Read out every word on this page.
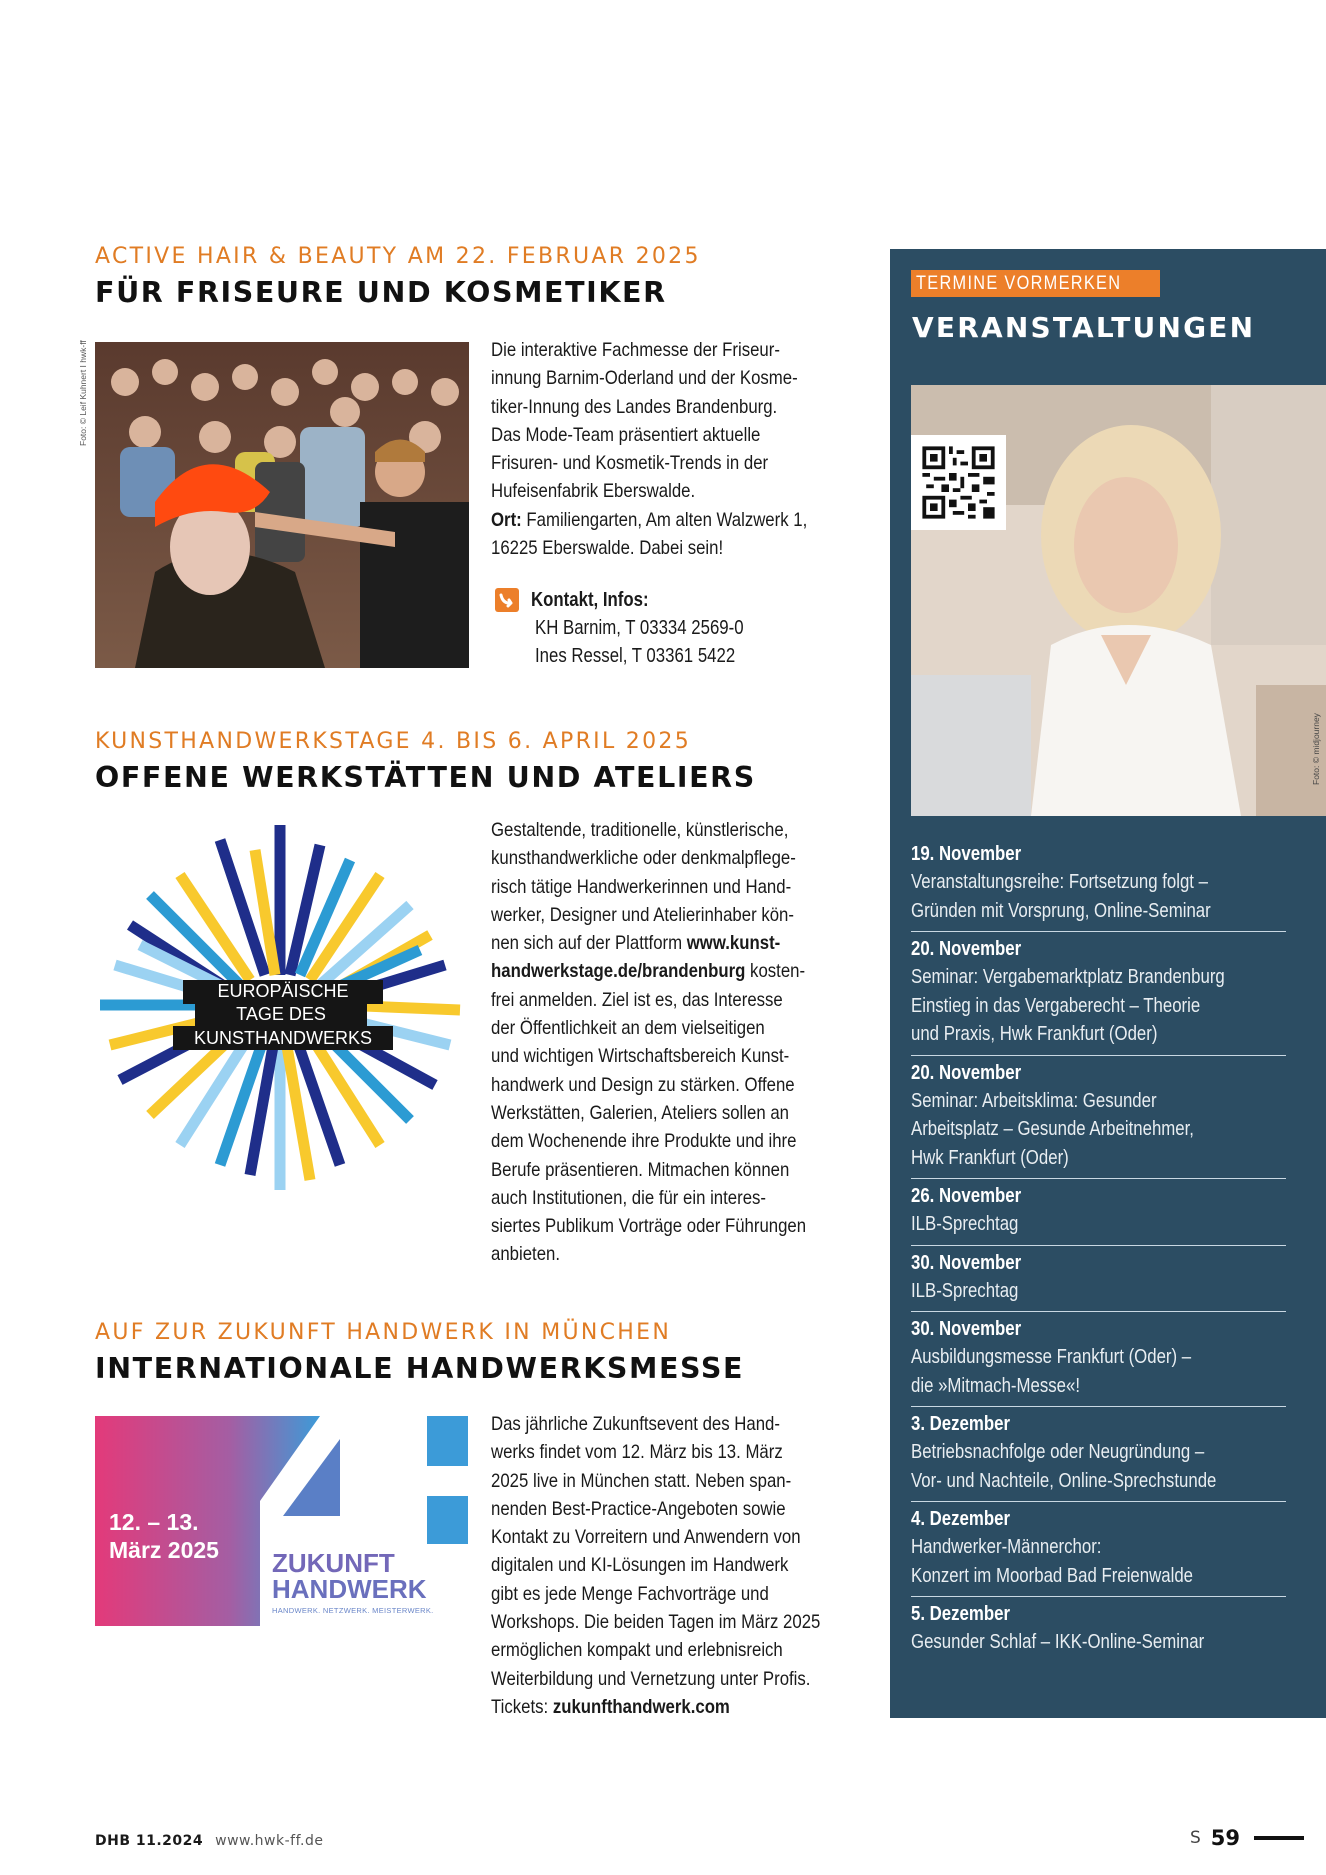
ACTIVE HAIR & BEAUTY AM 22. FEBRUAR 2025
FÜR FRISEURE UND KOSMETIKER
Foto: © Leif Kuhnert I hwk-ff	Die interaktive Fachmesse der Friseur-
innung Barnim-Oderland und der Kosme-
tiker-Innung des Landes Brandenburg.
Das Mode-Team präsentiert aktuelle
Frisuren- und Kosmetik-Trends in der
Hufeisenfabrik Eberswalde.
Ort: Familiengarten, Am alten Walzwerk 1,
16225 Eberswalde. Dabei sein!
Kontakt, Infos:
KH Barnim, T 03334 2569-0
Ines Ressel, T 03361 5422
KUNSTHANDWERKSTAGE 4. BIS 6. APRIL 2025
OFFENE WERKSTÄTTEN UND ATELIERS
EUROPÄISCHE
TAGE DES
KUNSTHANDWERKS
Gestaltende, traditionelle, künstlerische,
kunsthandwerkliche oder denkmalpflege-
risch tätige Handwerkerinnen und Hand-
werker, Designer und Atelierinhaber kön-
nen sich auf der Plattform www.kunst-
handwerkstage.de/brandenburg kosten-
frei anmelden. Ziel ist es, das Interesse
der Öffentlichkeit an dem vielseitigen
und wichtigen Wirtschaftsbereich Kunst-
handwerk und Design zu stärken. Offene
Werkstätten, Galerien, Ateliers sollen an
dem Wochenende ihre Produkte und ihre
Berufe präsentieren. Mitmachen können
auch Institutionen, die für ein interes-
siertes Publikum Vorträge oder Führungen
anbieten.
AUF ZUR ZUKUNFT HANDWERK IN MÜNCHEN
INTERNATIONALE HANDWERKSMESSE
12. – 13.
März 2025 ZUKUNFT
HANDWERK
HANDWERK. NETZWERK. MEISTERWERK.
Das jährliche Zukunftsevent des Hand-
werks findet vom 12. März bis 13. März
2025 live in München statt. Neben span-
nenden Best-Practice-Angeboten sowie
Kontakt zu Vorreitern und Anwendern von
digitalen und KI-Lösungen im Handwerk
gibt es jede Menge Fachvorträge und
Workshops. Die beiden Tagen im März 2025
ermöglichen kompakt und erlebnisreich
Weiterbildung und Vernetzung unter Profis.
Tickets: zukunfthandwerk.com
TERMINE VORMERKEN
VERANSTALTUNGEN
Foto: © midjourney
19. November
Veranstaltungsreihe: Fortsetzung folgt –
Gründen mit Vorsprung, Online-Seminar
20. November
Seminar: Vergabemarktplatz Brandenburg
Einstieg in das Vergaberecht – Theorie
und Praxis, Hwk Frankfurt (Oder)
20. November
Seminar: Arbeitsklima: Gesunder
Arbeitsplatz – Gesunde Arbeitnehmer,
Hwk Frankfurt (Oder)
26. November
ILB-Sprechtag
30. November
ILB-Sprechtag
30. November
Ausbildungsmesse Frankfurt (Oder) –
die »Mitmach-Messe«!
3. Dezember
Betriebsnachfolge oder Neugründung –
Vor- und Nachteile, Online-Sprechstunde
4. Dezember
Handwerker-Männerchor:
Konzert im Moorbad Bad Freienwalde
5. Dezember
Gesunder Schlaf – IKK-Online-Seminar
DHB 11.2024 www.hwk-ff.de	S 59
